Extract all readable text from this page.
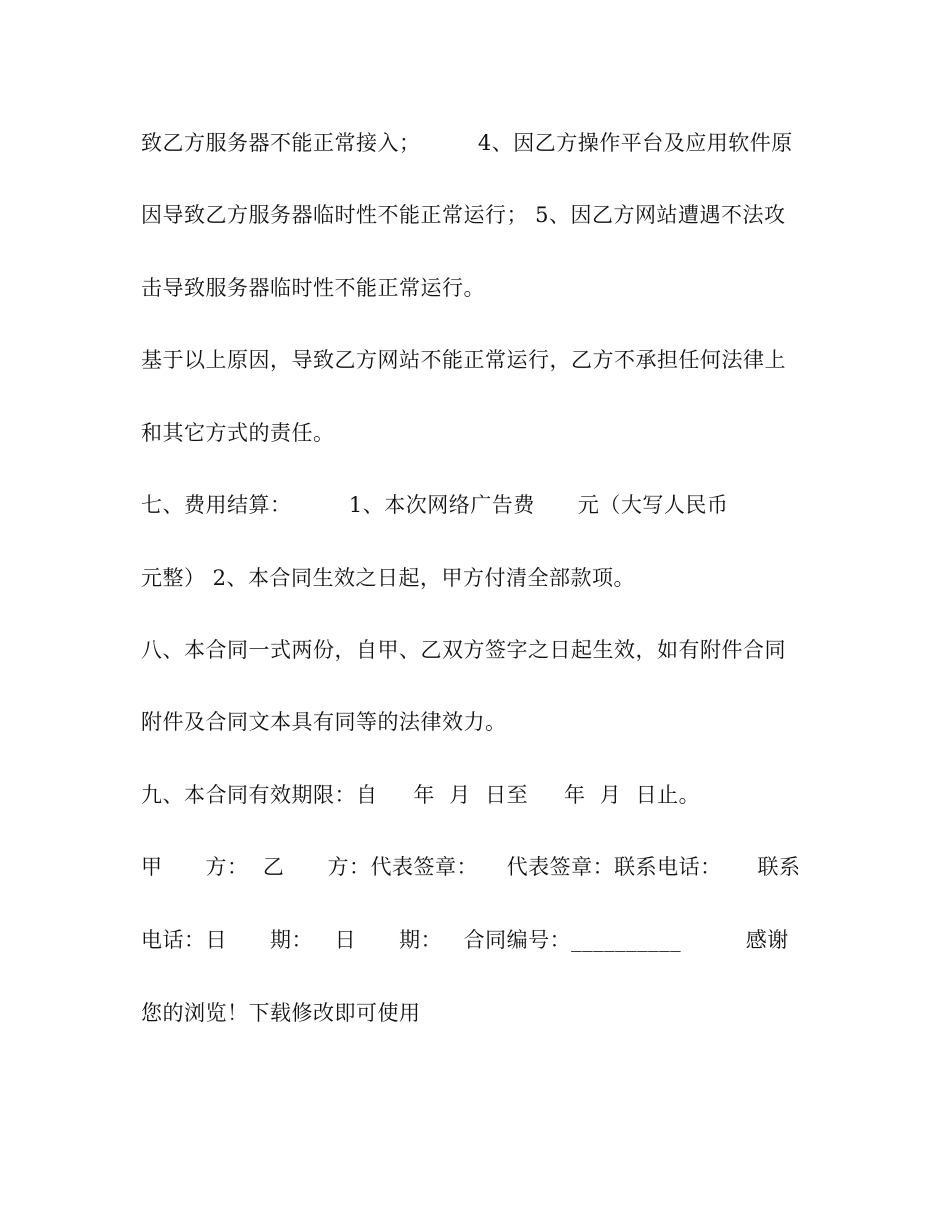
致乙方服务器不能正常接入；        4、因乙方操作平台及应用软件原
因导致乙方服务器临时性不能正常运行； 5、因乙方网站遭遇不法攻
击导致服务器临时性不能正常运行。
基于以上原因，导致乙方网站不能正常运行，乙方不承担任何法律上
和其它方式的责任。
七、费用结算：        1、本次网络广告费      元（大写人民币
元整） 2、本合同生效之日起，甲方付清全部款项。
八、本合同一式两份，自甲、乙双方签字之日起生效，如有附件合同
附件及合同文本具有同等的法律效力。
九、本合同有效期限：自     年  月  日至     年  月  日止。
甲      方：  乙      方：代表签章：    代表签章：联系电话：     联系
电话：日      期：   日      期：   合同编号：__________         感谢
您的浏览！下载修改即可使用
